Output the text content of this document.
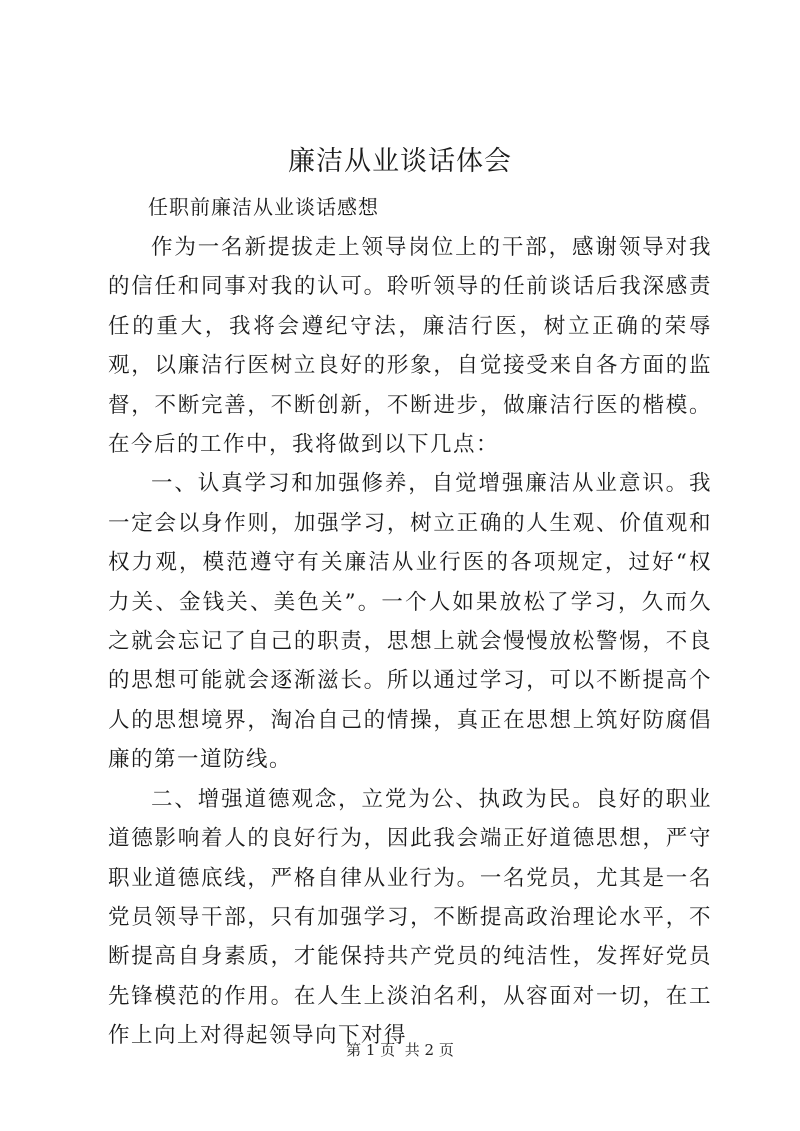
廉洁从业谈话体会

任职前廉洁从业谈话感想

作为一名新提拔走上领导岗位上的干部，感谢领导对我的信任和同事对我的认可。聆听领导的任前谈话后我深感责任的重大，我将会遵纪守法，廉洁行医，树立正确的荣辱观，以廉洁行医树立良好的形象，自觉接受来自各方面的监督，不断完善，不断创新，不断进步，做廉洁行医的楷模。在今后的工作中，我将做到以下几点：

一、认真学习和加强修养，自觉增强廉洁从业意识。我一定会以身作则，加强学习，树立正确的人生观、价值观和权力观，模范遵守有关廉洁从业行医的各项规定，过好“权力关、金钱关、美色关”。一个人如果放松了学习，久而久之就会忘记了自己的职责，思想上就会慢慢放松警惕，不良的思想可能就会逐渐滋长。所以通过学习，可以不断提高个人的思想境界，淘冶自己的情操，真正在思想上筑好防腐倡廉的第一道防线。

二、增强道德观念，立党为公、执政为民。良好的职业道德影响着人的良好行为，因此我会端正好道德思想，严守职业道德底线，严格自律从业行为。一名党员，尤其是一名党员领导干部，只有加强学习，不断提高政治理论水平，不断提高自身素质，才能保持共产党员的纯洁性，发挥好党员先锋模范的作用。在人生上淡泊名利，从容面对一切，在工作上向上对得起领导向下对得

第 1 页  共 2 页
